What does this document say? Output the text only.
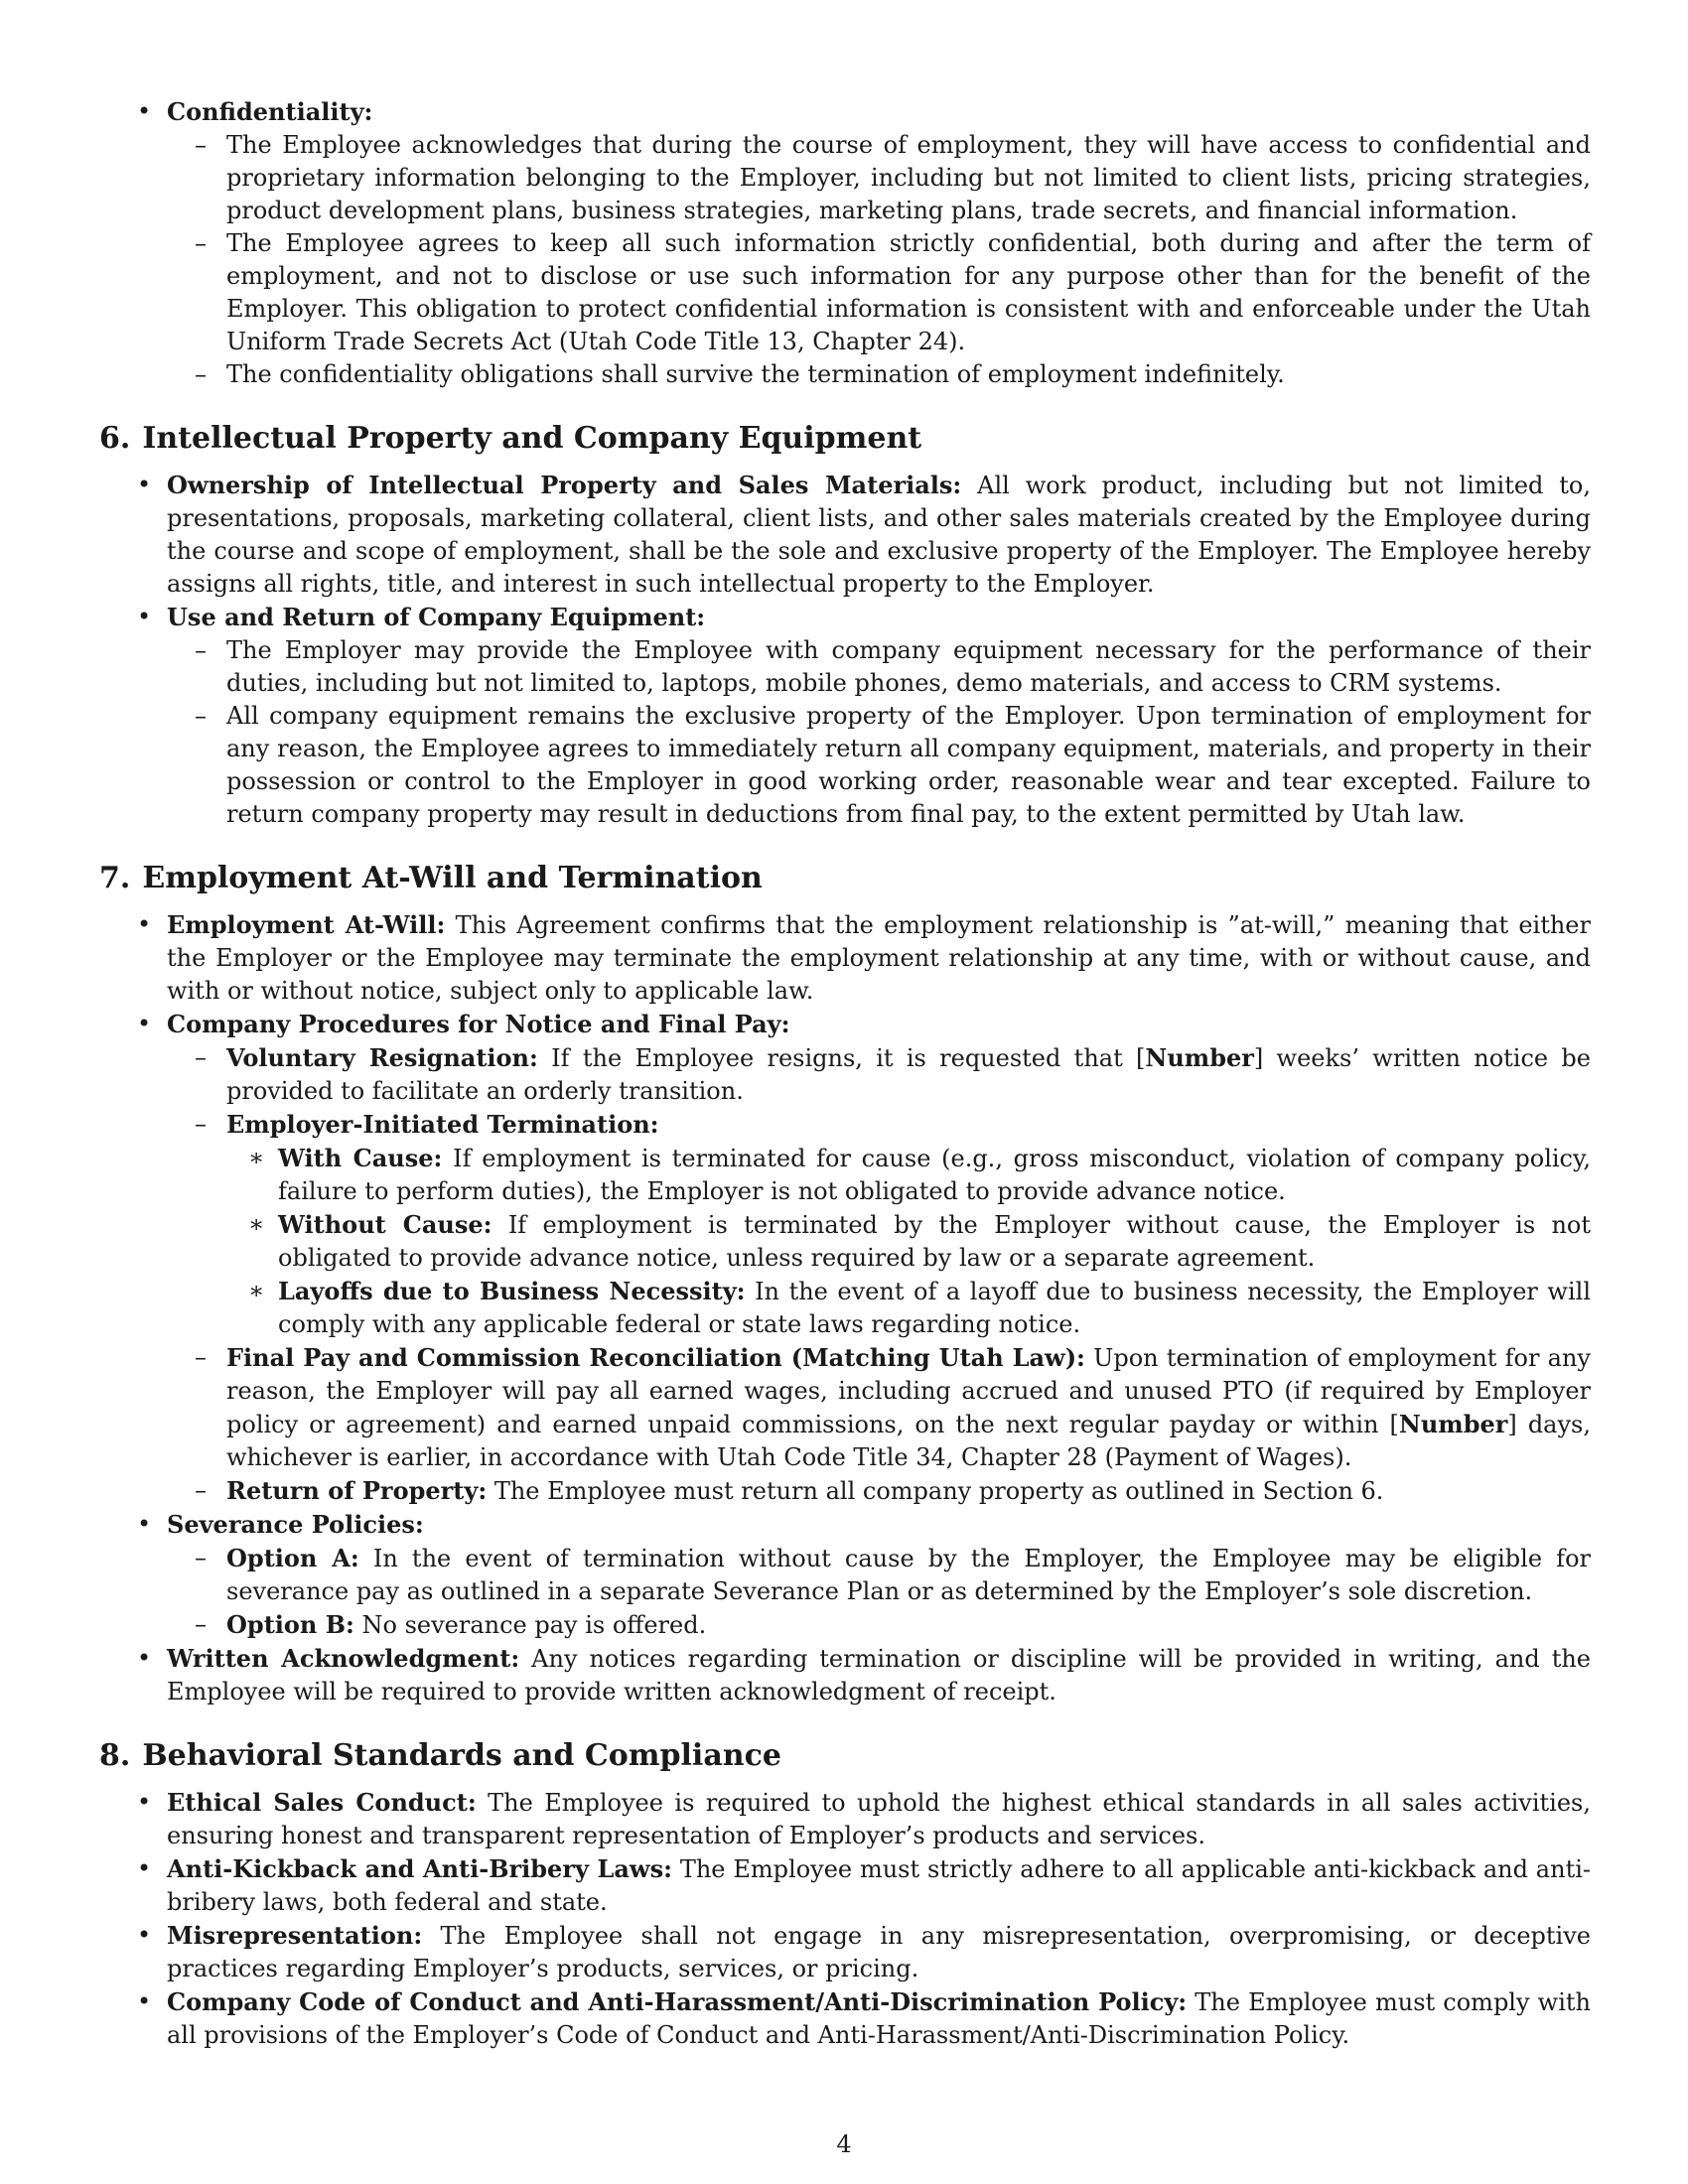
• Confidentiality:
– The Employee acknowledges that during the course of employment, they will have access to confidential and proprietary information belonging to the Employer, including but not limited to client lists, pricing strategies, product development plans, business strategies, marketing plans, trade secrets, and financial information.
– The Employee agrees to keep all such information strictly confidential, both during and after the term of employment, and not to disclose or use such information for any purpose other than for the benefit of the Employer. This obligation to protect confidential information is consistent with and enforceable under the Utah Uniform Trade Secrets Act (Utah Code Title 13, Chapter 24).
– The confidentiality obligations shall survive the termination of employment indefinitely.
6. Intellectual Property and Company Equipment
• Ownership of Intellectual Property and Sales Materials: All work product, including but not limited to, presentations, proposals, marketing collateral, client lists, and other sales materials created by the Employee during the course and scope of employment, shall be the sole and exclusive property of the Employer. The Employee hereby assigns all rights, title, and interest in such intellectual property to the Employer.
• Use and Return of Company Equipment:
– The Employer may provide the Employee with company equipment necessary for the performance of their duties, including but not limited to, laptops, mobile phones, demo materials, and access to CRM systems.
– All company equipment remains the exclusive property of the Employer. Upon termination of employment for any reason, the Employee agrees to immediately return all company equipment, materials, and property in their possession or control to the Employer in good working order, reasonable wear and tear excepted. Failure to return company property may result in deductions from final pay, to the extent permitted by Utah law.
7. Employment At-Will and Termination
• Employment At-Will: This Agreement confirms that the employment relationship is ”at-will,” meaning that either the Employer or the Employee may terminate the employment relationship at any time, with or without cause, and with or without notice, subject only to applicable law.
• Company Procedures for Notice and Final Pay:
– Voluntary Resignation: If the Employee resigns, it is requested that [Number] weeks’ written notice be provided to facilitate an orderly transition.
– Employer-Initiated Termination:
∗ With Cause: If employment is terminated for cause (e.g., gross misconduct, violation of company policy, failure to perform duties), the Employer is not obligated to provide advance notice.
∗ Without Cause: If employment is terminated by the Employer without cause, the Employer is not obligated to provide advance notice, unless required by law or a separate agreement.
∗ Layoffs due to Business Necessity: In the event of a layoff due to business necessity, the Employer will comply with any applicable federal or state laws regarding notice.
– Final Pay and Commission Reconciliation (Matching Utah Law): Upon termination of employment for any reason, the Employer will pay all earned wages, including accrued and unused PTO (if required by Employer policy or agreement) and earned unpaid commissions, on the next regular payday or within [Number] days, whichever is earlier, in accordance with Utah Code Title 34, Chapter 28 (Payment of Wages).
– Return of Property: The Employee must return all company property as outlined in Section 6.
• Severance Policies:
– Option A: In the event of termination without cause by the Employer, the Employee may be eligible for severance pay as outlined in a separate Severance Plan or as determined by the Employer’s sole discretion.
– Option B: No severance pay is offered.
• Written Acknowledgment: Any notices regarding termination or discipline will be provided in writing, and the Employee will be required to provide written acknowledgment of receipt.
8. Behavioral Standards and Compliance
• Ethical Sales Conduct: The Employee is required to uphold the highest ethical standards in all sales activities, ensuring honest and transparent representation of Employer’s products and services.
• Anti-Kickback and Anti-Bribery Laws: The Employee must strictly adhere to all applicable anti-kickback and anti-bribery laws, both federal and state.
• Misrepresentation: The Employee shall not engage in any misrepresentation, overpromising, or deceptive practices regarding Employer’s products, services, or pricing.
• Company Code of Conduct and Anti-Harassment/Anti-Discrimination Policy: The Employee must comply with all provisions of the Employer’s Code of Conduct and Anti-Harassment/Anti-Discrimination Policy.
4
